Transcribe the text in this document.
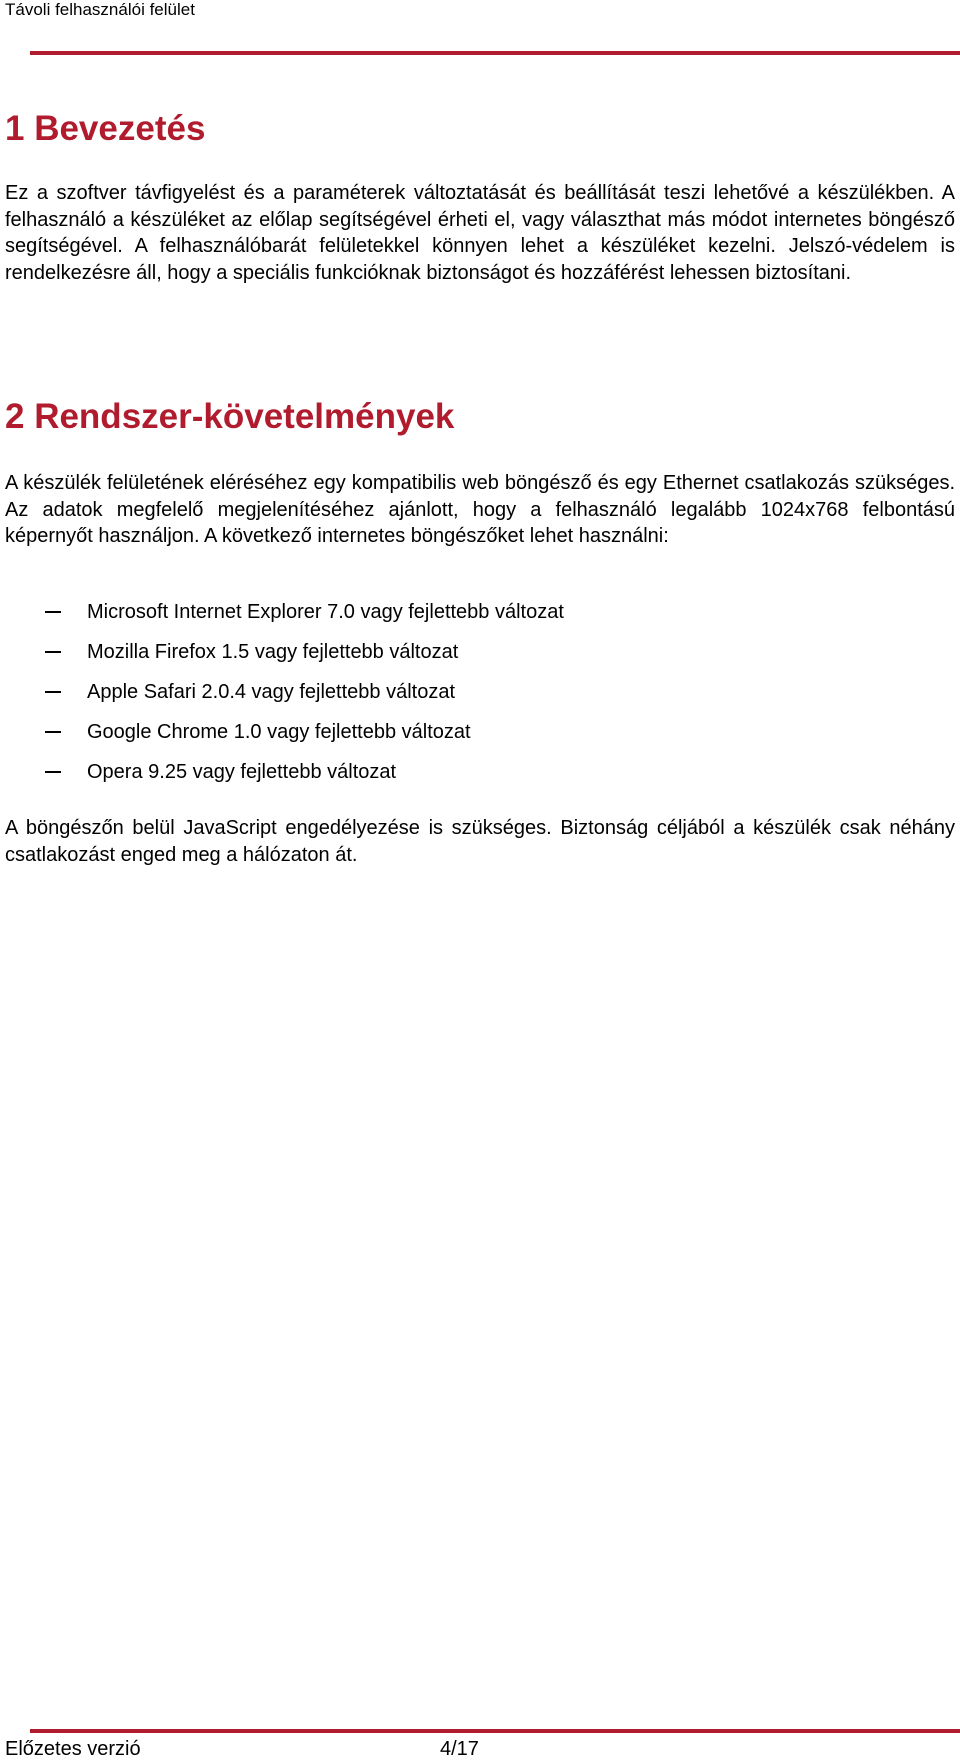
Távoli felhasználói felület
1 Bevezetés

Ez a szoftver távfigyelést és a paraméterek változtatását és beállítását teszi lehetővé a készülékben. A felhasználó a készüléket az előlap segítségével érheti el, vagy választhat más módot internetes böngésző segítségével. A felhasználóbarát felületekkel könnyen lehet a készüléket kezelni. Jelszó-védelem is rendelkezésre áll, hogy a speciális funkcióknak biztonságot és hozzáférést lehessen biztosítani.

2 Rendszer-követelmények

A készülék felületének eléréséhez egy kompatibilis web böngésző és egy Ethernet csatlakozás szükséges. Az adatok megfelelő megjelenítéséhez ajánlott, hogy a felhasználó legalább 1024x768 felbontású képernyőt használjon. A következő internetes böngészőket lehet használni:

Microsoft Internet Explorer 7.0 vagy fejlettebb változat
Mozilla Firefox 1.5 vagy fejlettebb változat
Apple Safari 2.0.4 vagy fejlettebb változat
Google Chrome 1.0 vagy fejlettebb változat
Opera 9.25 vagy fejlettebb változat

A böngészőn belül JavaScript engedélyezése is szükséges. Biztonság céljából a készülék csak néhány csatlakozást enged meg a hálózaton át.

Előzetes verzió	4/17
